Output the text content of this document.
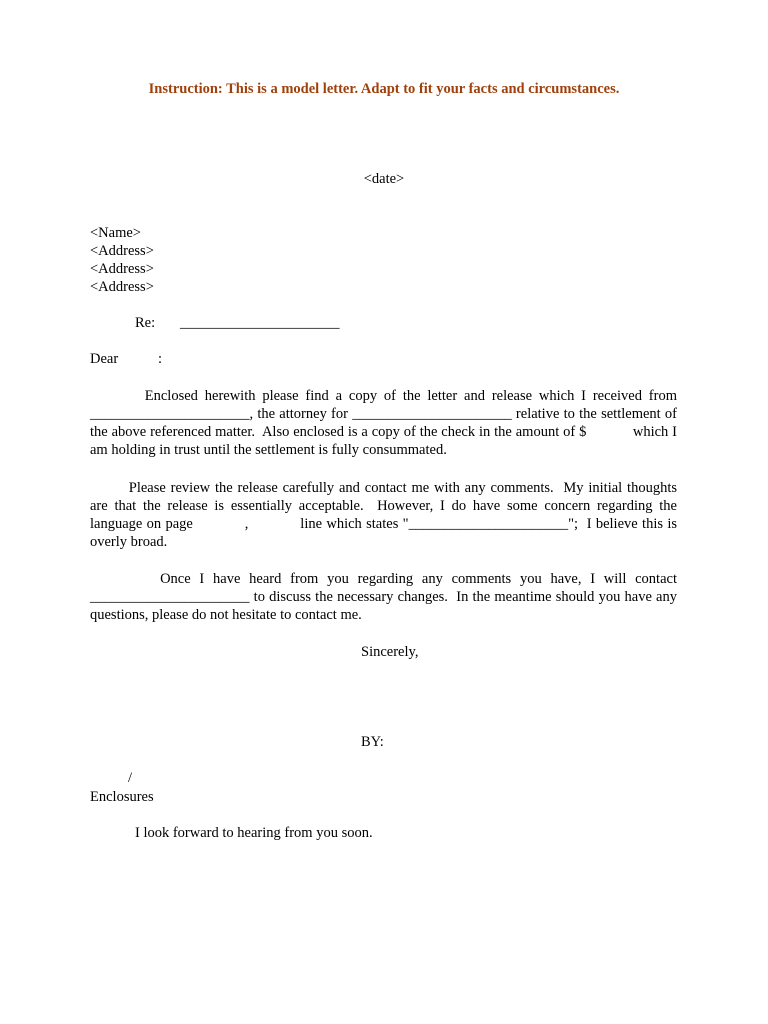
Instruction: This is a model letter. Adapt to fit your facts and circumstances.
<date>
<Name>
<Address>
<Address>
<Address>
Re: ______________________
Dear           :
Enclosed herewith please find a copy of the letter and release which I received from
______________________, the attorney for ______________________ relative to the settlement of
the above referenced matter.  Also enclosed is a copy of the check in the amount of $            which I
am holding in trust until the settlement is fully consummated.
Please review the release carefully and contact me with any comments.  My initial thoughts
are that the release is essentially acceptable.  However, I do have some concern regarding the
language on page            ,            line which states "______________________";  I believe this is
overly broad.
Once I have heard from you regarding any comments you have, I will contact
______________________ to discuss the necessary changes.  In the meantime should you have any
questions, please do not hesitate to contact me.
Sincerely,
BY:
/
Enclosures
I look forward to hearing from you soon.
